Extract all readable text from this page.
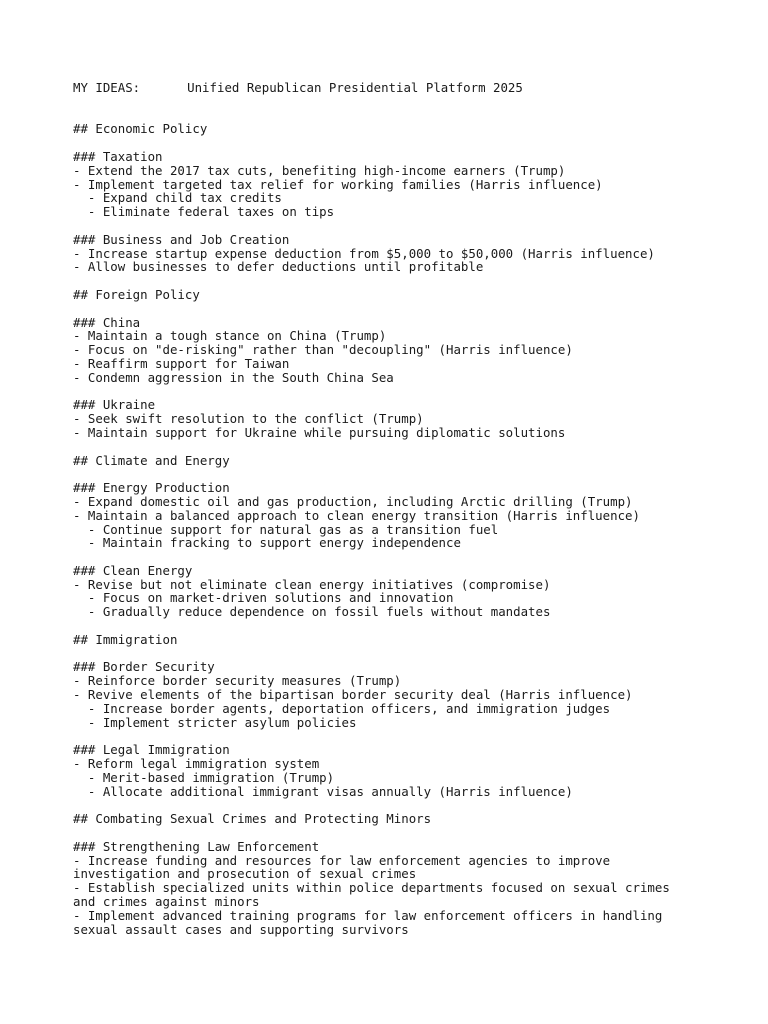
MY IDEAS:	Unified Republican Presidential Platform 2025
## Economic Policy
### Taxation
- Extend the 2017 tax cuts, benefiting high-income earners (Trump)
- Implement targeted tax relief for working families (Harris influence)
- Expand child tax credits
- Eliminate federal taxes on tips
### Business and Job Creation
- Increase startup expense deduction from $5,000 to $50,000 (Harris influence)
- Allow businesses to defer deductions until profitable
## Foreign Policy
### China
- Maintain a tough stance on China (Trump)
- Focus on "de-risking" rather than "decoupling" (Harris influence)
- Reaffirm support for Taiwan
- Condemn aggression in the South China Sea
### Ukraine
- Seek swift resolution to the conflict (Trump)
- Maintain support for Ukraine while pursuing diplomatic solutions
## Climate and Energy
### Energy Production
- Expand domestic oil and gas production, including Arctic drilling (Trump)
- Maintain a balanced approach to clean energy transition (Harris influence)
- Continue support for natural gas as a transition fuel
- Maintain fracking to support energy independence
### Clean Energy
- Revise but not eliminate clean energy initiatives (compromise)
- Focus on market-driven solutions and innovation
- Gradually reduce dependence on fossil fuels without mandates
## Immigration
### Border Security
- Reinforce border security measures (Trump)
- Revive elements of the bipartisan border security deal (Harris influence)
- Increase border agents, deportation officers, and immigration judges
- Implement stricter asylum policies
### Legal Immigration
- Reform legal immigration system
- Merit-based immigration (Trump)
- Allocate additional immigrant visas annually (Harris influence)
## Combating Sexual Crimes and Protecting Minors
### Strengthening Law Enforcement
- Increase funding and resources for law enforcement agencies to improve
investigation and prosecution of sexual crimes
- Establish specialized units within police departments focused on sexual crimes
and crimes against minors
- Implement advanced training programs for law enforcement officers in handling
sexual assault cases and supporting survivors
